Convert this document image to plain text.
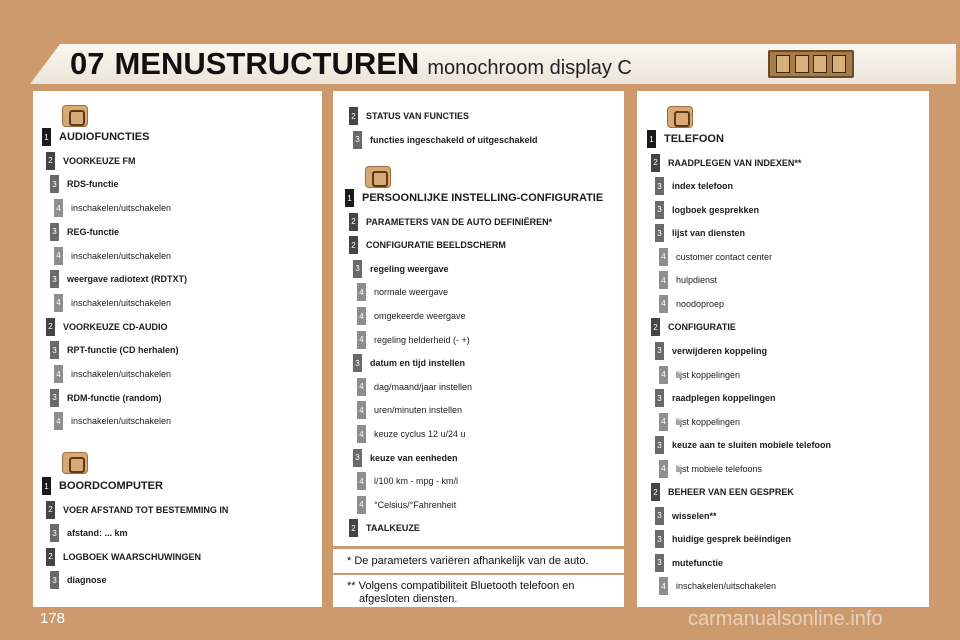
07 MENUSTRUCTUREN monochroom display C
* De parameters variëren afhankelijk van de auto.
** Volgens compatibiliteit Bluetooth telefoon en
afgesloten diensten.
178	carmanualsonline.info
1 AUDIOFUNCTIES
2 VOORKEUZE FM
3 RDS-functie
4 inschakelen/uitschakelen
3 REG-functie
4 inschakelen/uitschakelen
3 weergave radiotext (RDTXT)
4 inschakelen/uitschakelen
2 VOORKEUZE CD-AUDIO
3 RPT-functie (CD herhalen)
4 inschakelen/uitschakelen
3 RDM-functie (random)
4 inschakelen/uitschakelen
1 BOORDCOMPUTER
2 VOER AFSTAND TOT BESTEMMING IN
3 afstand: ... km
2 LOGBOEK WAARSCHUWINGEN
3 diagnose
2 STATUS VAN FUNCTIES
3 functies ingeschakeld of uitgeschakeld
1 PERSOONLIJKE INSTELLING-CONFIGURATIE
2 PARAMETERS VAN DE AUTO DEFINIËREN*
2 CONFIGURATIE BEELDSCHERM
3 regeling weergave
4 normale weergave
4 omgekeerde weergave
4 regeling helderheid (- +)
3 datum en tijd instellen
4 dag/maand/jaar instellen
4 uren/minuten instellen
4 keuze cyclus 12 u/24 u
3 keuze van eenheden
4 l/100 km - mpg - km/l
4 °Celsius/°Fahrenheit
2 TAALKEUZE
1 TELEFOON
2 RAADPLEGEN VAN INDEXEN**
3 index telefoon
3 logboek gesprekken
3 lijst van diensten
4 customer contact center
4 hulpdienst
4 noodoproep
2 CONFIGURATIE
3 verwijderen koppeling
4 lijst koppelingen
3 raadplegen koppelingen
4 lijst koppelingen
3 keuze aan te sluiten mobiele telefoon
4 lijst mobiele telefoons
2 BEHEER VAN EEN GESPREK
3 wisselen**
3 huidige gesprek beëindigen
3 mutefunctie
4 inschakelen/uitschakelen
